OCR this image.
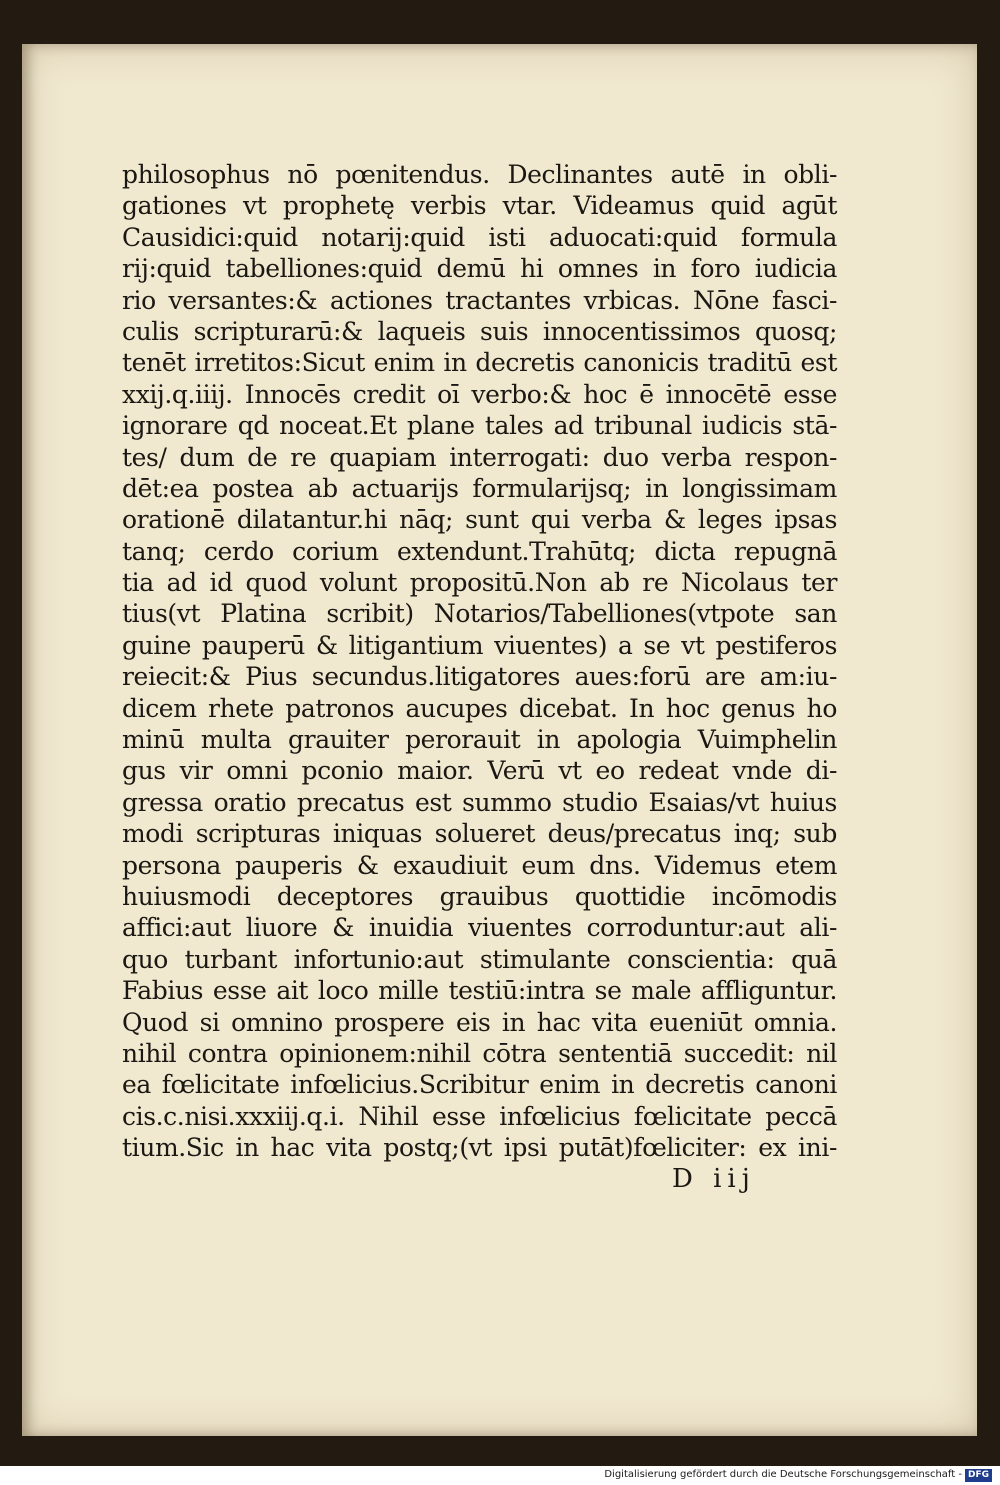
philosophus nō pœnitendus. Declinantes autē in obli-
gationes vt prophetę verbis vtar. Videamus quid agūt
Causidici:quid notarij:quid isti aduocati:quid formula
rij:quid tabelliones:quid demū hi omnes in foro iudicia
rio versantes:& actiones tractantes vrbicas. Nōne fasci-
culis scripturarū:& laqueis suis innocentissimos quosq;
tenēt irretitos:Sicut enim in decretis canonicis traditū est
xxij.q.iiij. Innocēs credit oī verbo:& hoc ē innocētē esse
ignorare qd noceat.Et plane tales ad tribunal iudicis stā-
tes/ dum de re quapiam interrogati: duo verba respon-
dēt:ea postea ab actuarijs formularijsq; in longissimam
orationē dilatantur.hi nāq; sunt qui verba & leges ipsas
tanq; cerdo corium extendunt.Trahūtq; dicta repugnā
tia ad id quod volunt propositū.Non ab re Nicolaus ter
tius(vt Platina scribit) Notarios/Tabelliones(vtpote san
guine pauperū & litigantium viuentes) a se vt pestiferos
reiecit:& Pius secundus.litigatores aues:forū are am:iu-
dicem rhete patronos aucupes dicebat. In hoc genus ho
minū multa grauiter perorauit in apologia Vuimphelin
gus vir omni pconio maior. Verū vt eo redeat vnde di-
gressa oratio precatus est summo studio Esaias/vt huius
modi scripturas iniquas solueret deus/precatus inq; sub
persona pauperis & exaudiuit eum dns. Videmus etem
huiusmodi deceptores grauibus quottidie incōmodis
affici:aut liuore & inuidia viuentes corroduntur:aut ali-
quo turbant infortunio:aut stimulante conscientia: quā
Fabius esse ait loco mille testiū:intra se male affliguntur.
Quod si omnino prospere eis in hac vita eueniūt omnia.
nihil contra opinionem:nihil cōtra sententiā succedit: nil
ea fœlicitate infœlicius.Scribitur enim in decretis canoni
cis.c.nisi.xxxiij.q.i. Nihil esse infœlicius fœlicitate peccā
tium.Sic in hac vita postq;(vt ipsi putāt)fœliciter: ex ini-
D iij
Digitalisierung gefördert durch die Deutsche Forschungsgemeinschaft - DFG
